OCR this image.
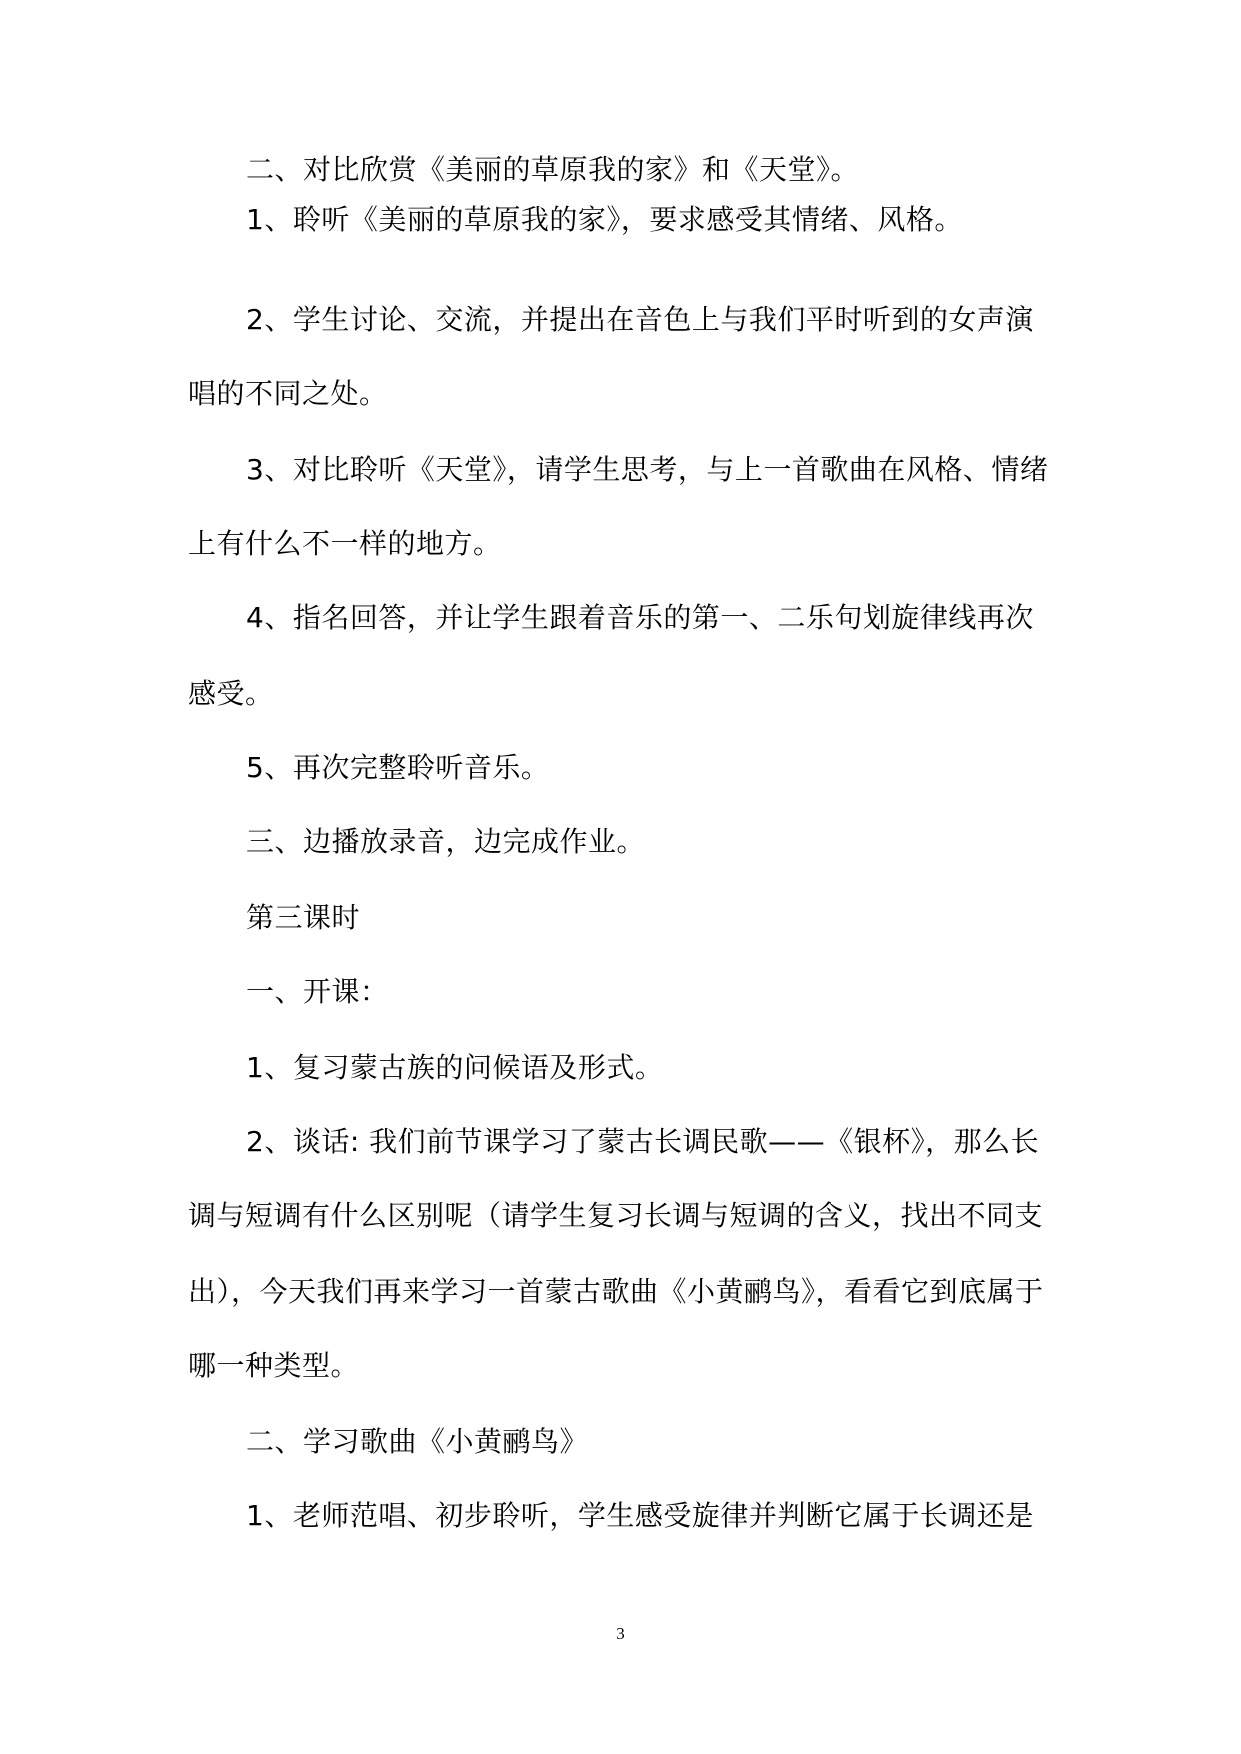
二、对比欣赏《美丽的草原我的家》和《天堂》。
1、聆听《美丽的草原我的家》，要求感受其情绪、风格。
2、学生讨论、交流，并提出在音色上与我们平时听到的女声演
唱的不同之处。
3、对比聆听《天堂》，请学生思考，与上一首歌曲在风格、情绪
上有什么不一样的地方。
4、指名回答，并让学生跟着音乐的第一、二乐句划旋律线再次
感受。
5、再次完整聆听音乐。
三、边播放录音，边完成作业。
第三课时
一、开课：
1、复习蒙古族的问候语及形式。
2、谈话: 我们前节课学习了蒙古长调民歌——《银杯》，那么长
调与短调有什么区别呢（请学生复习长调与短调的含义，找出不同支
出），今天我们再来学习一首蒙古歌曲《小黄鹂鸟》，看看它到底属于
哪一种类型。
二、学习歌曲《小黄鹂鸟》
1、老师范唱、初步聆听，学生感受旋律并判断它属于长调还是
3
